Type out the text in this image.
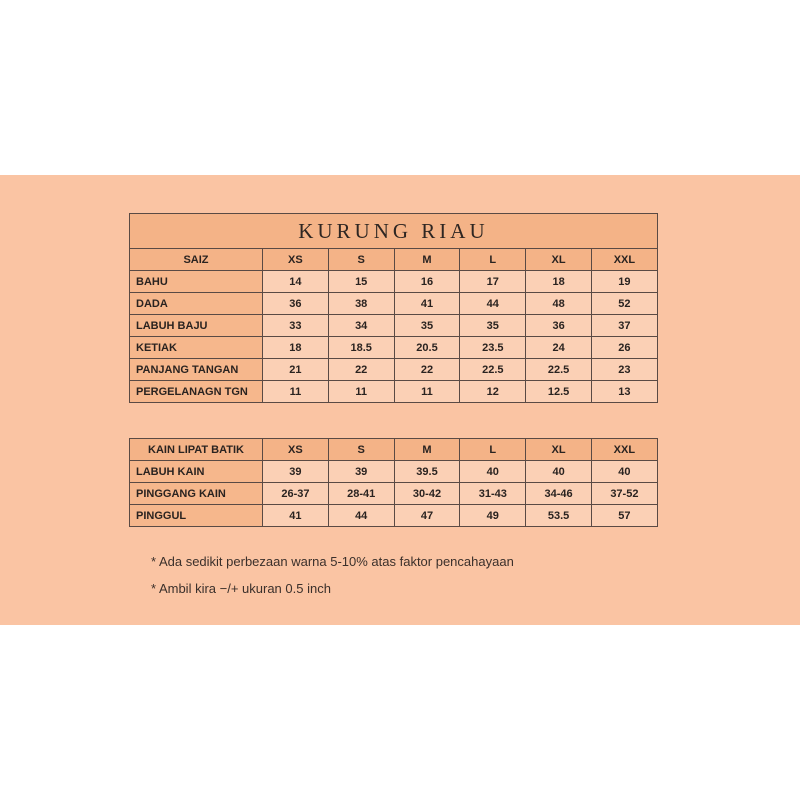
KURUNG RIAU						
SAIZ	XS	S	M	L	XL	XXL
BAHU	14	15	16	17	18	19
DADA	36	38	41	44	48	52
LABUH BAJU	33	34	35	35	36	37
KETIAK	18	18.5	20.5	23.5	24	26
PANJANG TANGAN	21	22	22	22.5	22.5	23
PERGELANAGN TGN	11	11	11	12	12.5	13
KAIN LIPAT BATIK	XS	S	M	L	XL	XXL
LABUH KAIN	39	39	39.5	40	40	40
PINGGANG KAIN	26-37	28-41	30-42	31-43	34-46	37-52
PINGGUL	41	44	47	49	53.5	57
* Ada sedikit perbezaan warna 5-10% atas faktor pencahayaan
* Ambil kira −/+ ukuran 0.5 inch
